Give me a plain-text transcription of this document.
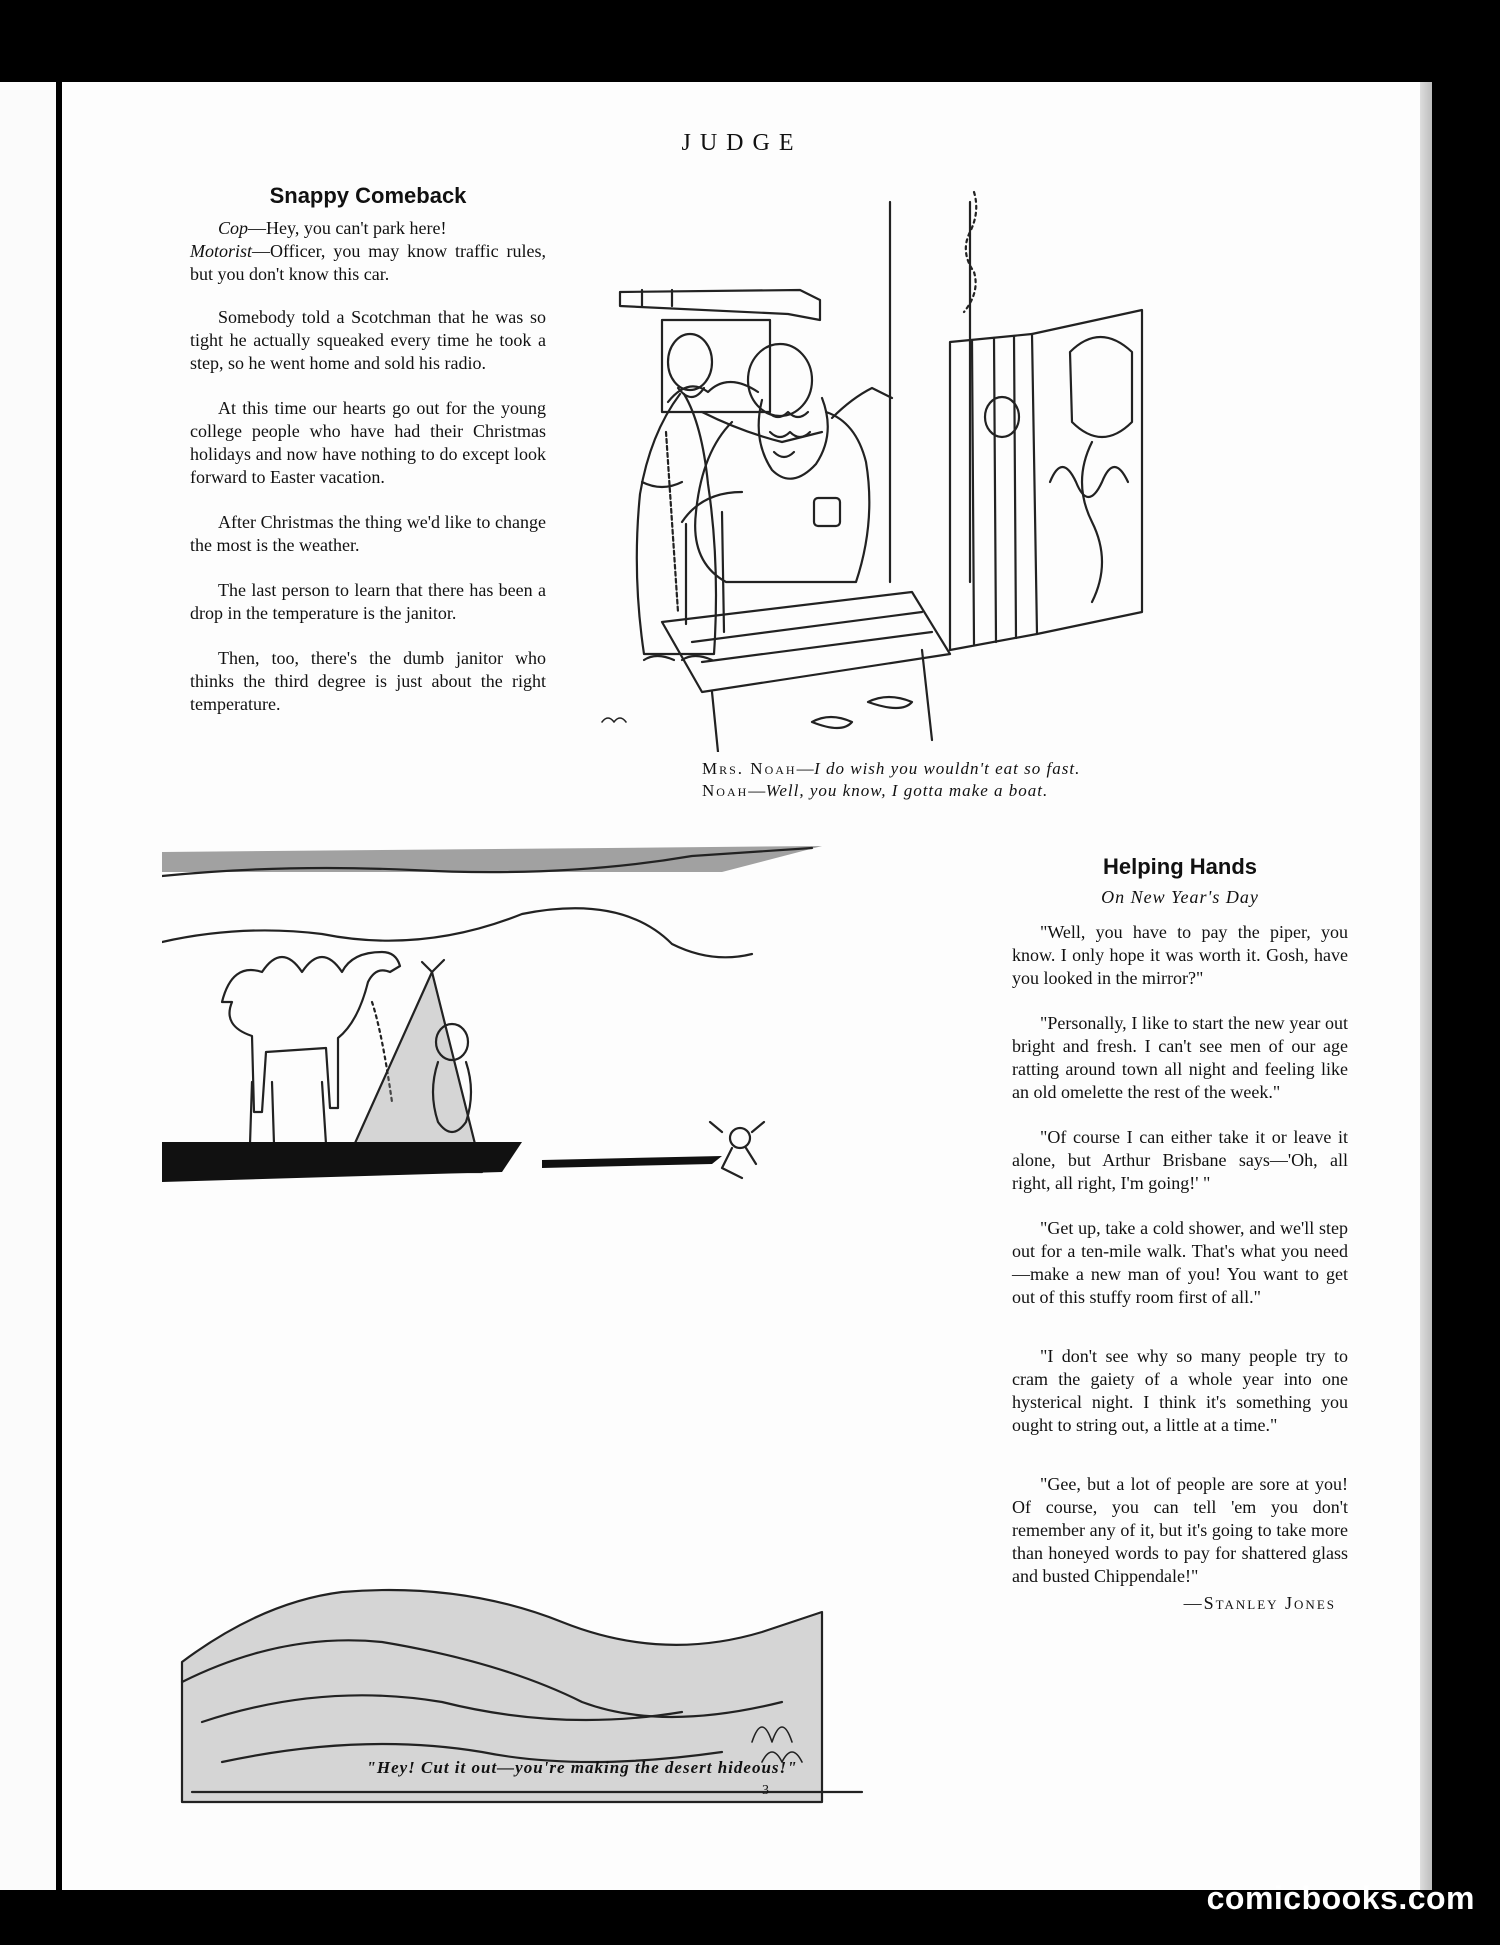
JUDGE
Snappy Comeback

Cop—Hey, you can't park here!
Motorist—Officer, you may know traffic rules, but you don't know this car.

Somebody told a Scotchman that he was so tight he actually squeaked every time he took a step, so he went home and sold his radio.

At this time our hearts go out for the young college people who have had their Christmas holidays and now have nothing to do except look forward to Easter vacation.

After Christmas the thing we'd like to change the most is the weather.

The last person to learn that there has been a drop in the temperature is the janitor.

Then, too, there's the dumb janitor who thinks the third degree is just about the right temperature.

Mrs. Noah—I do wish you wouldn't eat so fast.
Noah—Well, you know, I gotta make a boat.
"Hey! Cut it out—you're making the desert hideous!"
Helping Hands
On New Year's Day

"Well, you have to pay the piper, you know. I only hope it was worth it. Gosh, have you looked in the mirror?"

"Personally, I like to start the new year out bright and fresh. I can't see men of our age ratting around town all night and feeling like an old omelette the rest of the week."

"Of course I can either take it or leave it alone, but Arthur Brisbane says—'Oh, all right, all right, I'm going!' "

"Get up, take a cold shower, and we'll step out for a ten-mile walk. That's what you need—make a new man of you! You want to get out of this stuffy room first of all."

"I don't see why so many people try to cram the gaiety of a whole year into one hysterical night. I think it's something you ought to string out, a little at a time."

"Gee, but a lot of people are sore at you! Of course, you can tell 'em you don't remember any of it, but it's going to take more than honeyed words to pay for shattered glass and busted Chippendale!"

—Stanley Jones
3
comicbooks.com
